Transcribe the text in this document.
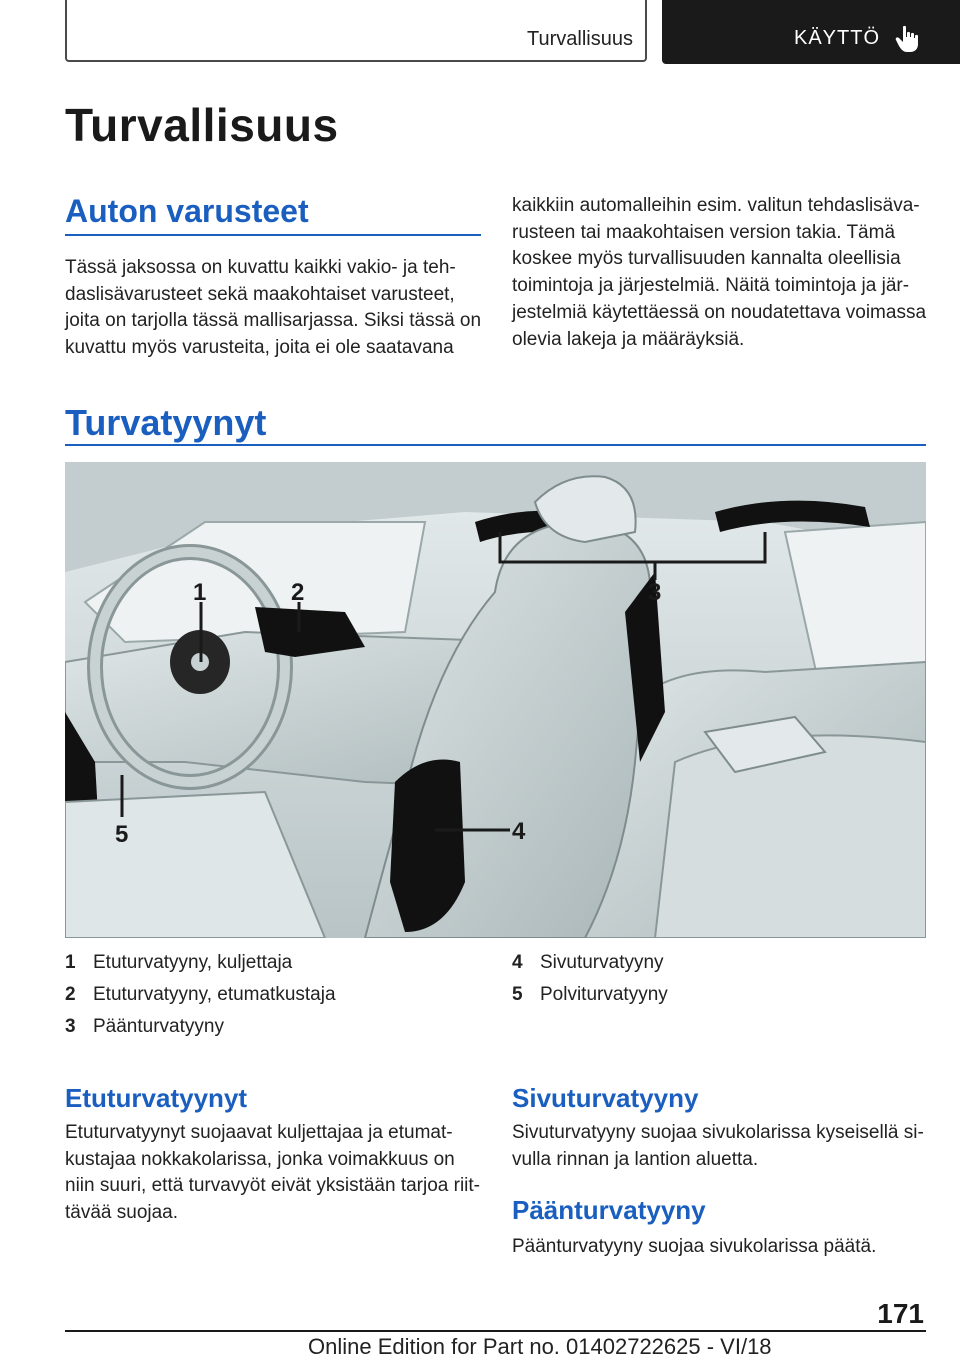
Turvallisuus	KÄYTTÖ
Turvallisuus
Auton varusteet
Tässä jaksossa on kuvattu kaikki vakio- ja teh-
daslisävarusteet sekä maakohtaiset varusteet,
joita on tarjolla tässä mallisarjassa. Siksi tässä on
kuvattu myös varusteita, joita ei ole saatavana
kaikkiin automalleihin esim. valitun tehdaslisäva-
rusteen tai maakohtaisen version takia. Tämä
koskee myös turvallisuuden kannalta oleellisia
toimintoja ja järjestelmiä. Näitä toimintoja ja jär-
jestelmiä käytettäessä on noudatettava voimassa
olevia lakeja ja määräyksiä.
Turvatyynyt
1	2	3
4
5
1 Etuturvatyyny, kuljettaja
2 Etuturvatyyny, etumatkustaja
3 Päänturvatyyny
4 Sivuturvatyyny
5 Polviturvatyyny
Etuturvatyynyt
Etuturvatyynyt suojaavat kuljettajaa ja etumat-
kustajaa nokkakolarissa, jonka voimakkuus on
niin suuri, että turvavyöt eivät yksistään tarjoa riit-
tävää suojaa.
Sivuturvatyyny
Sivuturvatyyny suojaa sivukolarissa kyseisellä si-
vulla rinnan ja lantion aluetta.
Päänturvatyyny
Päänturvatyyny suojaa sivukolarissa päätä.
171
Online Edition for Part no. 01402722625 - VI/18
